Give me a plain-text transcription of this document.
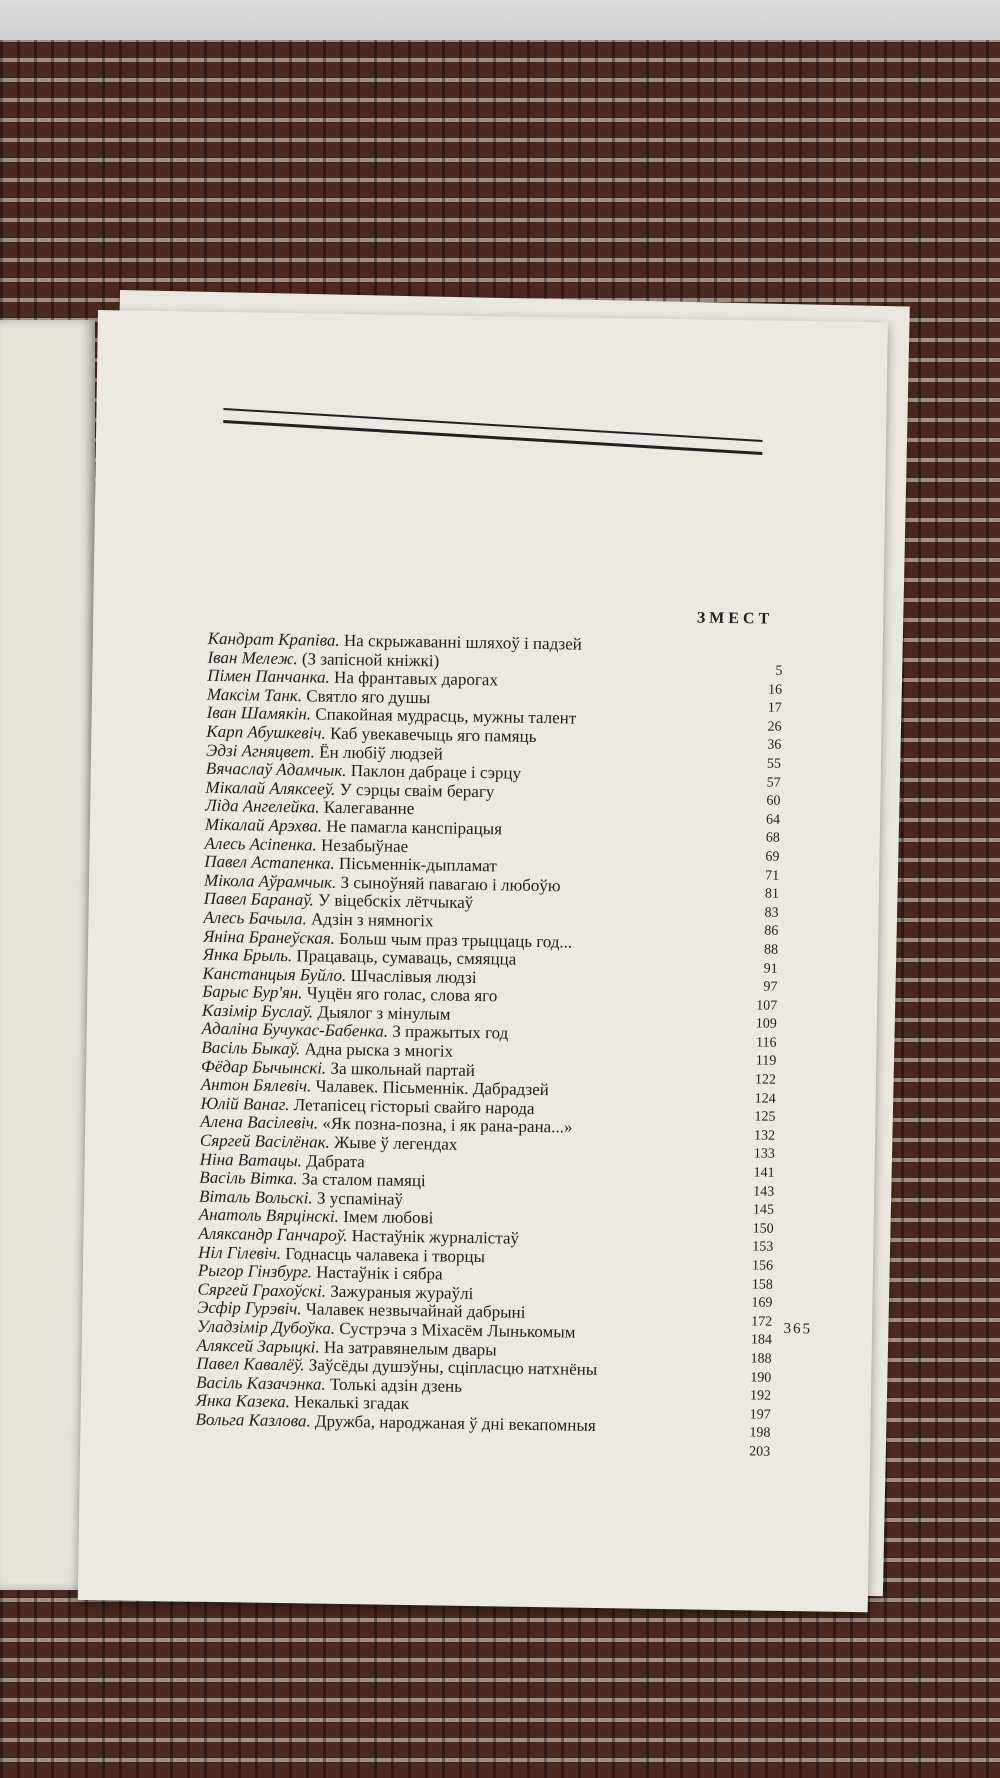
ЗМЕСТ
Кандрат Крапіва. На скрыжаванні шляхоў і падзей
Іван Мележ. (З запісной кніжкі)
Пімен Панчанка. На франтавых дарогах
Максім Танк. Святло яго душы
Іван Шамякін. Спакойная мудрасць, мужны талент
Карп Абушкевіч. Каб увекавечыць яго памяць
Эдзі Агняцвет. Ён любіў людзей
Вячаслаў Адамчык. Паклон дабраце і сэрцу
Мікалай Аляксееў. У сэрцы сваім берагу
Ліда Ангелейка. Калегаванне
Мікалай Арэхва. Не памагла канспірацыя
Алесь Асіпенка. Незабыўнае
Павел Астапенка. Пісьменнік-дыпламат
Мікола Аўрамчык. З сыноўняй павагаю і любоўю
Павел Баранаў. У віцебскіх лётчыкаў
Алесь Бачыла. Адзін з нямногіх
Яніна Бранеўская. Больш чым праз трыццаць год...
Янка Брыль. Працаваць, сумаваць, смяяцца
Канстанцыя Буйло. Шчаслівыя людзі
Барыс Бур'ян. Чуцён яго голас, слова яго
Казімір Буслаў. Дыялог з мінулым
Адаліна Бучукас-Бабенка. З пражытых год
Васіль Быкаў. Адна рыска з многіх
Фёдар Бычынскі. За школьнай партай
Антон Бялевіч. Чалавек. Пісьменнік. Дабрадзей
Юлій Ванаг. Летапісец гісторыі свайго народа
Алена Васілевіч. «Як позна-позна, і як рана-рана...»
Сяргей Васілёнак. Жыве ў легендах
Ніна Ватацы. Дабрата
Васіль Вітка. За сталом памяці
Віталь Вольскі. З успамінаў
Анатоль Вярцінскі. Імем любові
Аляксандр Ганчароў. Настаўнік журналістаў
Ніл Гілевіч. Годнасць чалавека і творцы
Рыгор Гінзбург. Настаўнік і сябра
Сяргей Грахоўскі. Зажураныя жураўлі
Эсфір Гурэвіч. Чалавек незвычайнай дабрыні
Уладзімір Дубоўка. Сустрэча з Міхасём Лынькомым
Аляксей Зарыцкі. На затравянелым двары
Павел Кавалёў. Заўсёды душэўны, сціпласцю натхнёны
Васіль Казачэнка. Толькі адзін дзень
Янка Казека. Некалькі згадак
Вольга Казлова. Дружба, народжаная ў дні векапомныя
5
16
17
26
36
55
57
60
64
68
69
71
81
83
86
88
91
97
107
109
116
119
122
124
125
132
133
141
143
145
150
153
156
158
169
172
184
188
190
192
197
198
203
365
